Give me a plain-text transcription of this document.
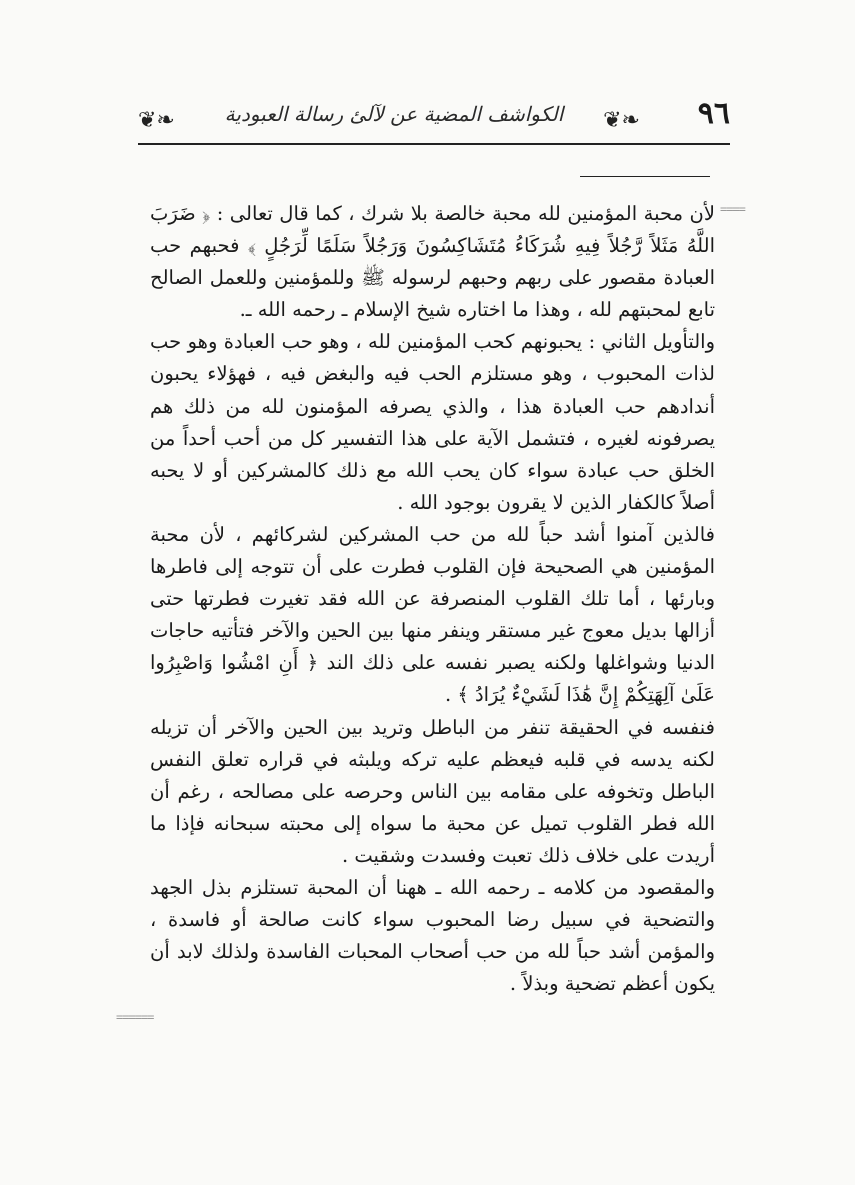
٩٦
❦❧	الكواشف المضية عن لآلئ رسالة العبودية	❦❧
====
======

لأن محبة المؤمنين لله محبة خالصة بلا شرك ، كما قال تعالى : ﴿ ضَرَبَ اللَّهُ مَثَلاً رَّجُلاً فِيهِ شُرَكَاءُ مُتَشَاكِسُونَ وَرَجُلاً سَلَمًا لِّرَجُلٍ ﴾ فحبهم حب العبادة مقصور على ربهم وحبهم لرسوله ﷺ وللمؤمنين وللعمل الصالح تابع لمحبتهم لله ، وهذا ما اختاره شيخ الإسلام ـ رحمه الله ـ.

والتأويل الثاني : يحبونهم كحب المؤمنين لله ، وهو حب العبادة وهو حب لذات المحبوب ، وهو مستلزم الحب فيه والبغض فيه ، فهؤلاء يحبون أندادهم حب العبادة هذا ، والذي يصرفه المؤمنون لله من ذلك هم يصرفونه لغيره ، فتشمل الآية على هذا التفسير كل من أحب أحداً من الخلق حب عبادة سواء كان يحب الله مع ذلك كالمشركين أو لا يحبه أصلاً كالكفار الذين لا يقرون بوجود الله .

فالذين آمنوا أشد حباً لله من حب المشركين لشركائهم ، لأن محبة المؤمنين هي الصحيحة فإن القلوب فطرت على أن تتوجه إلى فاطرها وبارئها ، أما تلك القلوب المنصرفة عن الله فقد تغيرت فطرتها حتى أزالها بديل معوج غير مستقر وينفر منها بين الحين والآخر فتأتيه حاجات الدنيا وشواغلها ولكنه يصبر نفسه على ذلك الند ﴿ أَنِ امْشُوا وَاصْبِرُوا عَلَىٰ آلِهَتِكُمْ إِنَّ هَٰذَا لَشَيْءٌ يُرَادُ ﴾ .

فنفسه في الحقيقة تنفر من الباطل وتريد بين الحين والآخر أن تزيله لكنه يدسه في قلبه فيعظم عليه تركه ويلبثه في قراره تعلق النفس الباطل وتخوفه على مقامه بين الناس وحرصه على مصالحه ، رغم أن الله فطر القلوب تميل عن محبة ما سواه إلى محبته سبحانه فإذا ما أريدت على خلاف ذلك تعبت وفسدت وشقيت .

والمقصود من كلامه ـ رحمه الله ـ ههنا أن المحبة تستلزم بذل الجهد والتضحية في سبيل رضا المحبوب سواء كانت صالحة أو فاسدة ، والمؤمن أشد حباً لله من حب أصحاب المحبات الفاسدة ولذلك لابد أن يكون أعظم تضحية وبذلاً .
